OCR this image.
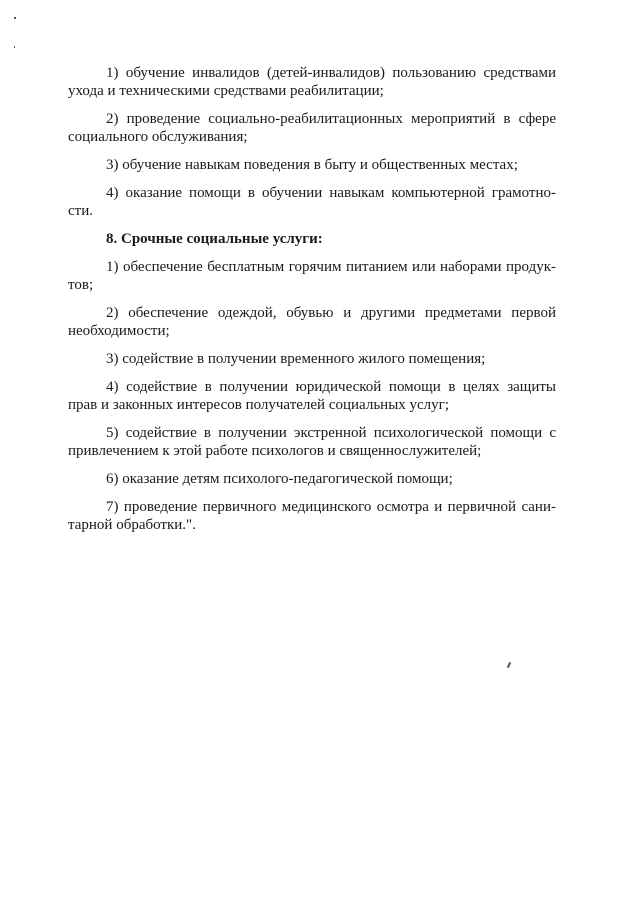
1) обучение инвалидов (детей-инвалидов) пользованию средствами ухода и техническими средствами реабилитации;

2) проведение социально-реабилитационных мероприятий в сфере социального обслуживания;

3) обучение навыкам поведения в быту и общественных местах;

4) оказание помощи в обучении навыкам компьютерной грамотно-сти.

8. Срочные социальные услуги:

1) обеспечение бесплатным горячим питанием или наборами продук-тов;

2) обеспечение одеждой, обувью и другими предметами первой необходимости;

3) содействие в получении временного жилого помещения;

4) содействие в получении юридической помощи в целях защиты прав и законных интересов получателей социальных услуг;

5) содействие в получении экстренной психологической помощи с привлечением к этой работе психологов и священнослужителей;

6) оказание детям психолого-педагогической помощи;

7) проведение первичного медицинского осмотра и первичной сани-тарной обработки.".
